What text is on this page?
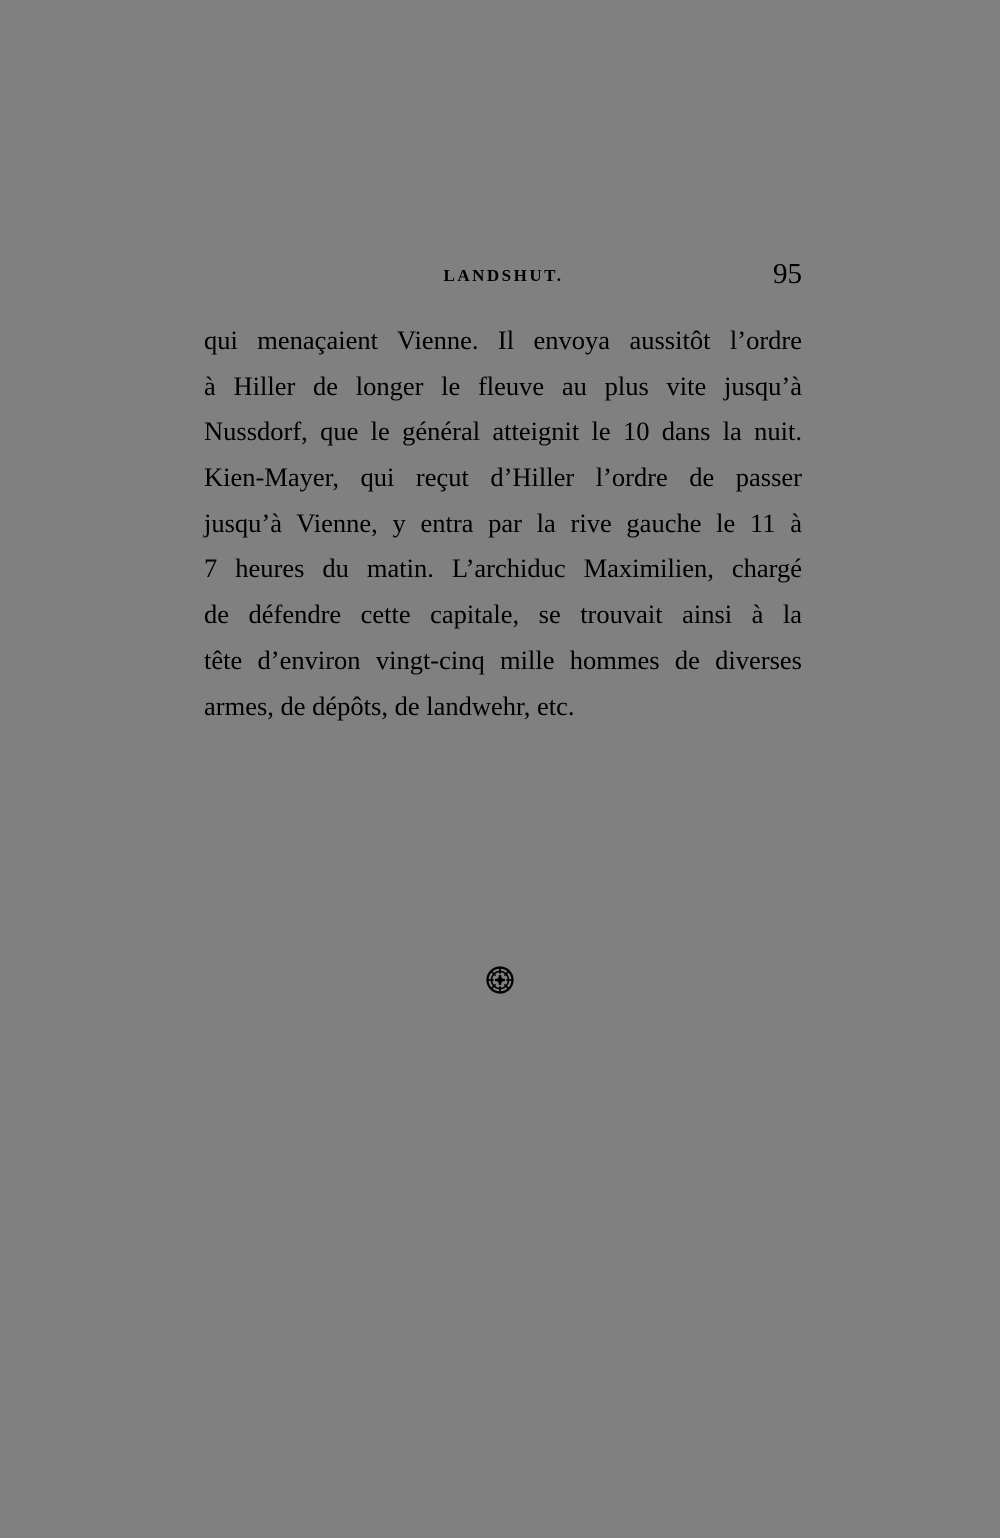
LANDSHUT.	95
qui menaçaient Vienne. Il envoya aussitôt l’ordre
à Hiller de longer le fleuve au plus vite jusqu’à
Nussdorf, que le général atteignit le 10 dans la nuit.
Kien-Mayer, qui reçut d’Hiller l’ordre de passer
jusqu’à Vienne, y entra par la rive gauche le 11 à
7 heures du matin. L’archiduc Maximilien, chargé
de défendre cette capitale, se trouvait ainsi à la
tête d’environ vingt-cinq mille hommes de diverses
armes, de dépôts, de landwehr, etc.
